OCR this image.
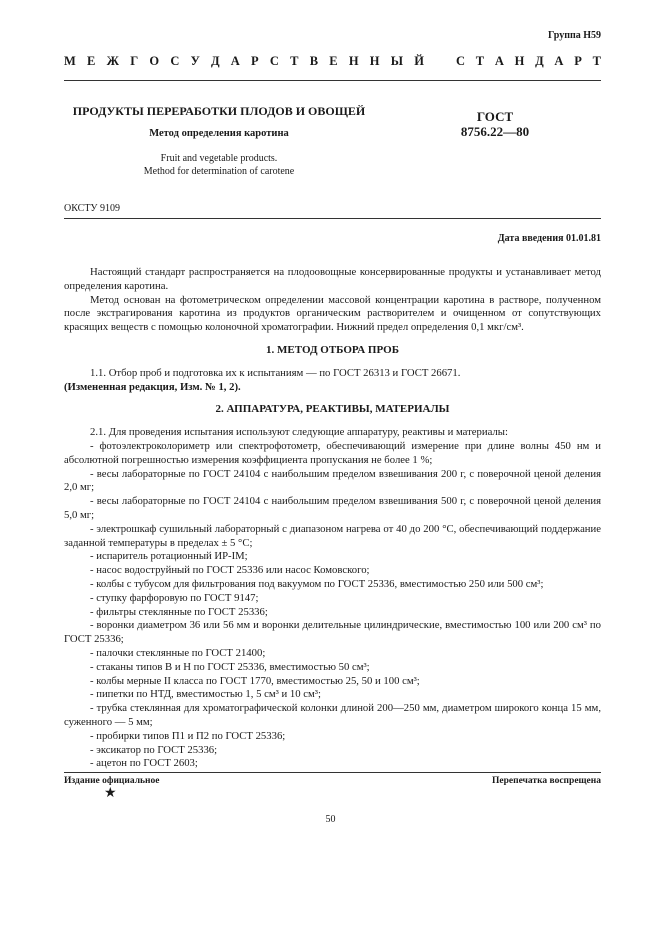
Группа Н59
М Е Ж Г О С У Д А Р С Т В Е Н Н Ы Й	С Т А Н Д А Р Т
ПРОДУКТЫ ПЕРЕРАБОТКИ ПЛОДОВ И ОВОЩЕЙ
Метод определения каротина
Fruit and vegetable products.
Method for determination of carotene
ГОСТ
8756.22—80
ОКСТУ 9109
Дата введения 01.01.81

Настоящий стандарт распространяется на плодоовощные консервированные продукты и устанавливает метод определения каротина.

Метод основан на фотометрическом определении массовой концентрации каротина в растворе, полученном после экстрагирования каротина из продуктов органическим растворителем и очищенном от сопутствующих красящих веществ с помощью колоночной хроматографии. Нижний предел определения 0,1 мкг/см³.

1. МЕТОД ОТБОРА ПРОБ

1.1. Отбор проб и подготовка их к испытаниям — по ГОСТ 26313 и ГОСТ 26671.

(Измененная редакция, Изм. № 1, 2).

2. АППАРАТУРА, РЕАКТИВЫ, МАТЕРИАЛЫ

2.1. Для проведения испытания используют следующие аппаратуру, реактивы и материалы:

- фотоэлектроколориметр или спектрофотометр, обеспечивающий измерение при длине волны 450 нм и абсолютной погрешностью измерения коэффициента пропускания не более 1 %;

- весы лабораторные по ГОСТ 24104 с наибольшим пределом взвешивания 200 г, с поверочной ценой деления 2,0 мг;

- весы лабораторные по ГОСТ 24104 с наибольшим пределом взвешивания 500 г, с поверочной ценой деления 5,0 мг;

- электрошкаф сушильный лабораторный с диапазоном нагрева от 40 до 200 °С, обеспечивающий поддержание заданной температуры в пределах ± 5 °С;

- испаритель ротационный ИР-IМ;

- насос водоструйный по ГОСТ 25336 или насос Комовского;

- колбы с тубусом для фильтрования под вакуумом по ГОСТ 25336, вместимостью 250 или 500 см³;

- ступку фарфоровую по ГОСТ 9147;

- фильтры стеклянные по ГОСТ 25336;

- воронки диаметром 36 или 56 мм и воронки делительные цилиндрические, вместимостью 100 или 200 см³ по ГОСТ 25336;

- палочки стеклянные по ГОСТ 21400;

- стаканы типов В и Н по ГОСТ 25336, вместимостью 50 см³;

- колбы мерные II класса по ГОСТ 1770, вместимостью 25, 50 и 100 см³;

- пипетки по НТД, вместимостью 1, 5 см³ и 10 см³;

- трубка стеклянная для хроматографической колонки длиной 200—250 мм, диаметром широкого конца 15 мм, суженного — 5 мм;

- пробирки типов П1 и П2 по ГОСТ 25336;

- эксикатор по ГОСТ 25336;

- ацетон по ГОСТ 2603;

Издание официальное	Перепечатка воспрещена
★
50
